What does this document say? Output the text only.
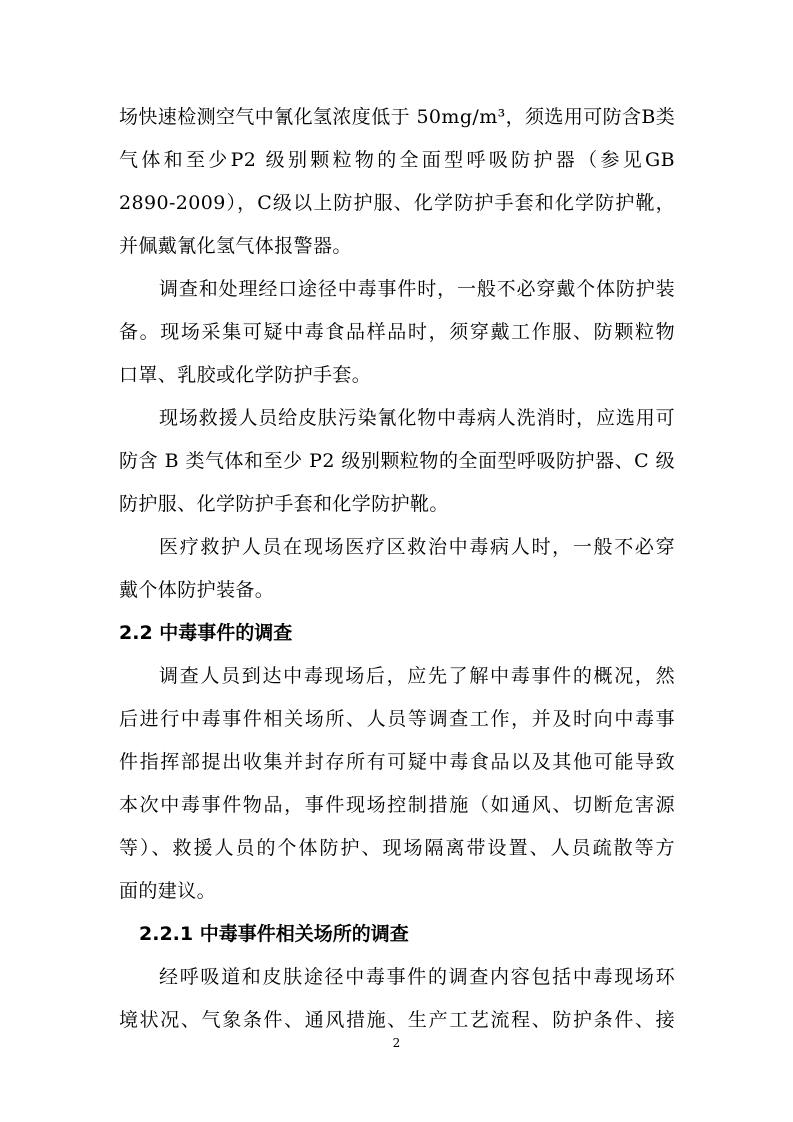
场快速检测空气中氰化氢浓度低于 50mg/m³，须选用可防含B类
气体和至少P2 级别颗粒物的全面型呼吸防护器（参见GB
2890-2009），C级以上防护服、化学防护手套和化学防护靴，
并佩戴氰化氢气体报警器。
调查和处理经口途径中毒事件时，一般不必穿戴个体防护装
备。现场采集可疑中毒食品样品时，须穿戴工作服、防颗粒物
口罩、乳胶或化学防护手套。
现场救援人员给皮肤污染氰化物中毒病人洗消时，应选用可
防含 B 类气体和至少 P2 级别颗粒物的全面型呼吸防护器、C 级
防护服、化学防护手套和化学防护靴。
医疗救护人员在现场医疗区救治中毒病人时，一般不必穿
戴个体防护装备。
2.2 中毒事件的调查
调查人员到达中毒现场后，应先了解中毒事件的概况，然
后进行中毒事件相关场所、人员等调查工作，并及时向中毒事
件指挥部提出收集并封存所有可疑中毒食品以及其他可能导致
本次中毒事件物品，事件现场控制措施（如通风、切断危害源
等）、救援人员的个体防护、现场隔离带设置、人员疏散等方
面的建议。
2.2.1 中毒事件相关场所的调查
经呼吸道和皮肤途径中毒事件的调查内容包括中毒现场环
境状况、气象条件、通风措施、生产工艺流程、防护条件、接
2
